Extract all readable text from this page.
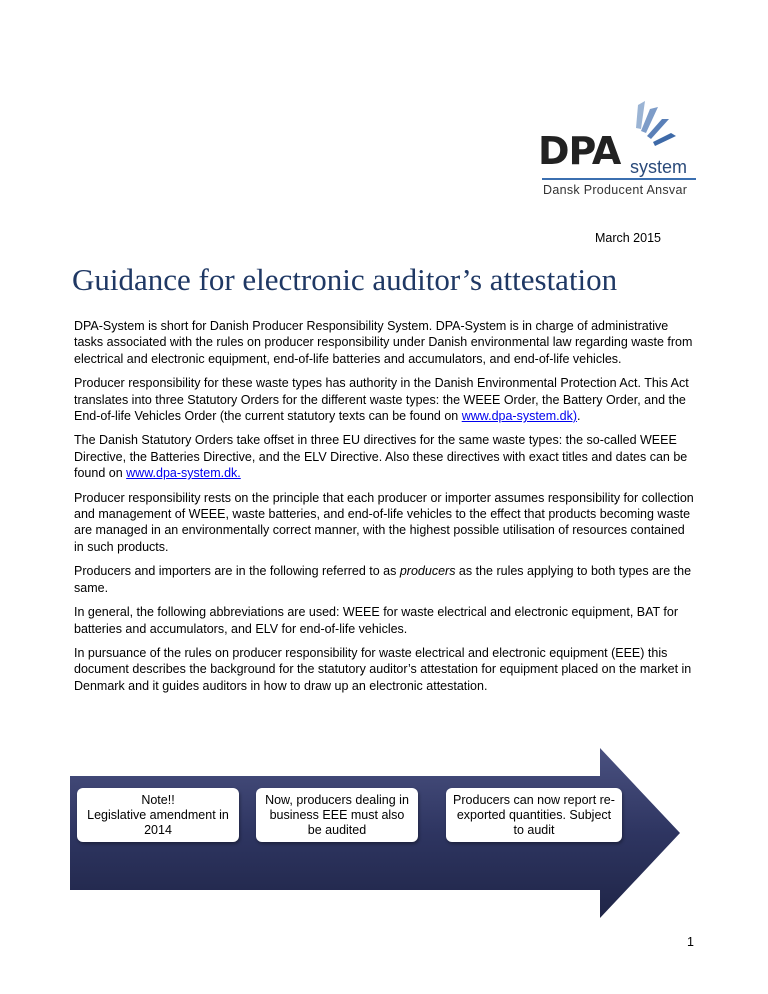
DPA system
Dansk Producent Ansvar
March 2015
Guidance for electronic auditor’s attestation

DPA-System is short for Danish Producer Responsibility System. DPA-System is in charge of administrative tasks associated with the rules on producer responsibility under Danish environmental law regarding waste from electrical and electronic equipment, end-of-life batteries and accumulators, and end-of-life vehicles.

Producer responsibility for these waste types has authority in the Danish Environmental Protection Act. This Act translates into three Statutory Orders for the different waste types: the WEEE Order, the Battery Order, and the End-of-life Vehicles Order (the current statutory texts can be found on www.dpa-system.dk).

The Danish Statutory Orders take offset in three EU directives for the same waste types: the so-called WEEE Directive, the Batteries Directive, and the ELV Directive. Also these directives with exact titles and dates can be found on www.dpa-system.dk.

Producer responsibility rests on the principle that each producer or importer assumes responsibility for collection and management of WEEE, waste batteries, and end-of-life vehicles to the effect that products becoming waste are managed in an environmentally correct manner, with the highest possible utilisation of resources contained in such products.

Producers and importers are in the following referred to as producers as the rules applying to both types are the same.

In general, the following abbreviations are used: WEEE for waste electrical and electronic equipment, BAT for batteries and accumulators, and ELV for end-of-life vehicles.

In pursuance of the rules on producer responsibility for waste electrical and electronic equipment (EEE) this document describes the background for the statutory auditor’s attestation for equipment placed on the market in Denmark and it guides auditors in how to draw up an electronic attestation.

Note!!
Legislative amendment in 2014
Now, producers dealing in business EEE must also be audited
Producers can now report re-exported quantities. Subject to audit
1
